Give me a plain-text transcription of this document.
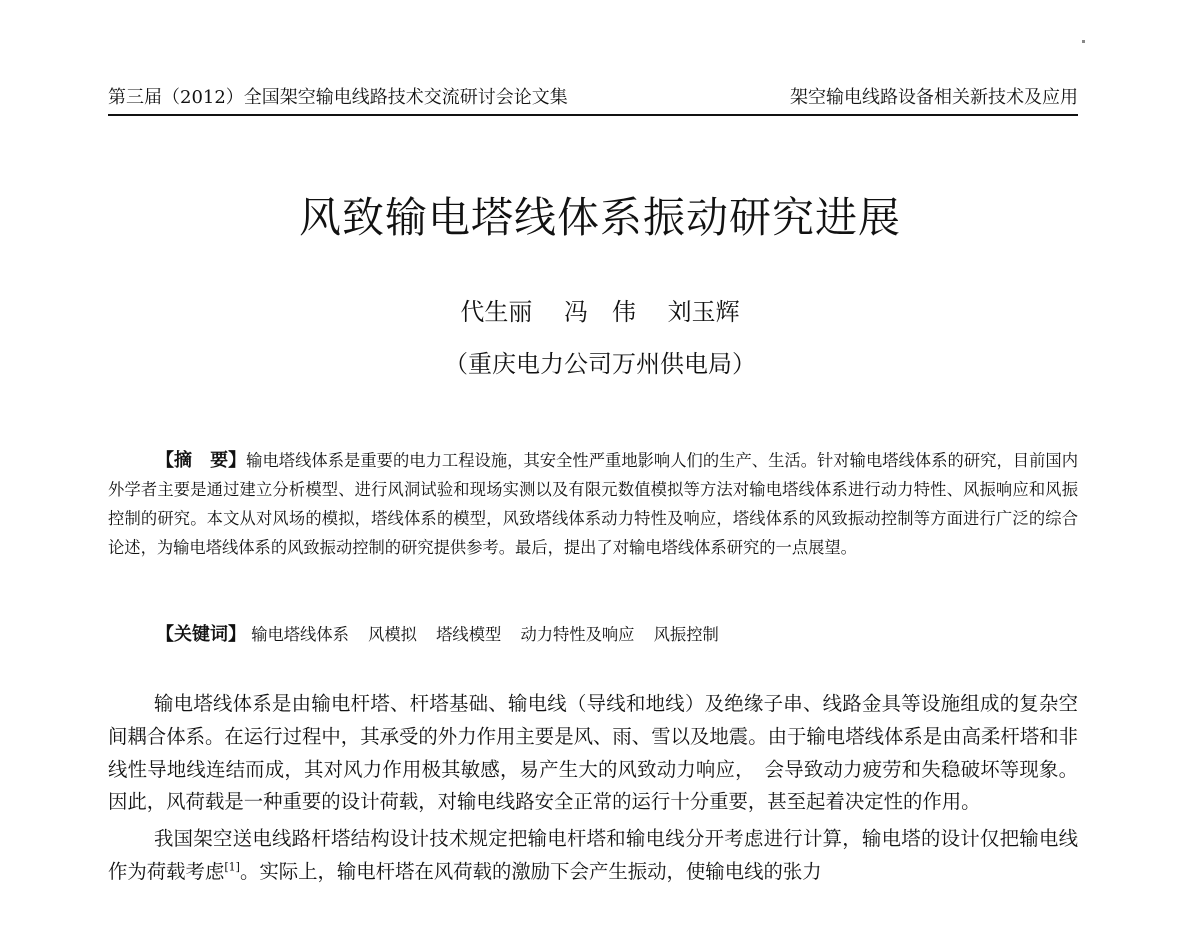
第三届（2012）全国架空输电线路技术交流研讨会论文集	架空输电线路设备相关新技术及应用
风致输电塔线体系振动研究进展
代生丽 冯　伟 刘玉辉
（重庆电力公司万州供电局）

【摘　要】输电塔线体系是重要的电力工程设施，其安全性严重地影响人们的生产、生活。针对输电塔线体系的研究，目前国内外学者主要是通过建立分析模型、进行风洞试验和现场实测以及有限元数值模拟等方法对输电塔线体系进行动力特性、风振响应和风振控制的研究。本文从对风场的模拟，塔线体系的模型，风致塔线体系动力特性及响应，塔线体系的风致振动控制等方面进行广泛的综合论述，为输电塔线体系的风致振动控制的研究提供参考。最后，提出了对输电塔线体系研究的一点展望。

【关键词】 输电塔线体系 风模拟 塔线模型 动力特性及响应 风振控制

输电塔线体系是由输电杆塔、杆塔基础、输电线（导线和地线）及绝缘子串、线路金具等设施组成的复杂空间耦合体系。在运行过程中，其承受的外力作用主要是风、雨、雪以及地震。由于输电塔线体系是由高柔杆塔和非线性导地线连结而成，其对风力作用极其敏感，易产生大的风致动力响应，　会导致动力疲劳和失稳破坏等现象。因此，风荷载是一种重要的设计荷载，对输电线路安全正常的运行十分重要，甚至起着决定性的作用。

我国架空送电线路杆塔结构设计技术规定把输电杆塔和输电线分开考虑进行计算，输电塔的设计仅把输电线作为荷载考虑[1]。实际上，输电杆塔在风荷载的激励下会产生振动，使输电线的张力
